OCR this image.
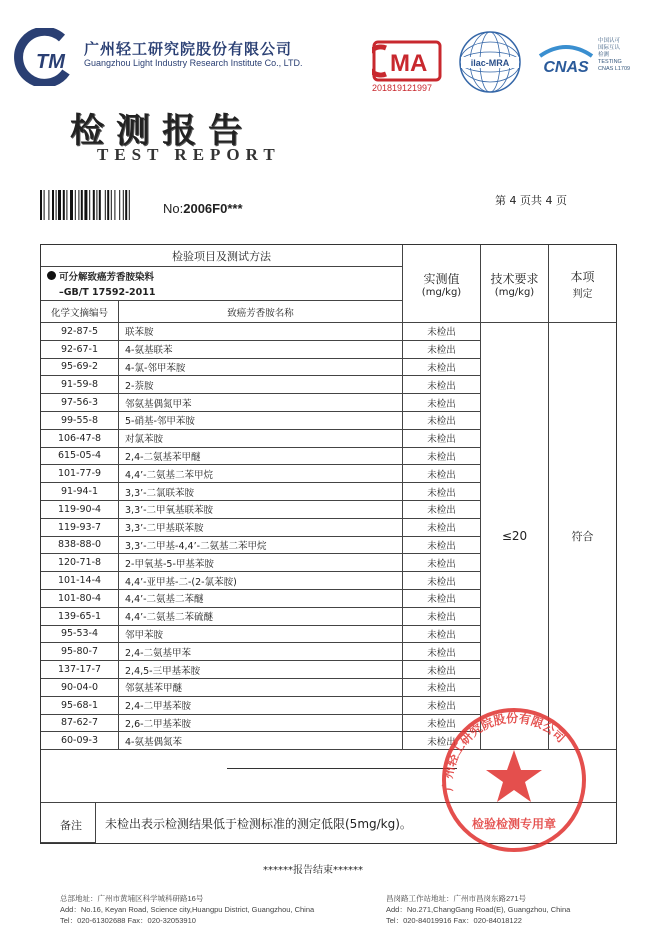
TM
广州轻工研究院股份有限公司
Guangzhou Light Industry Research Institute Co., LTD.	MA
201819121997
ilac-MRA CNAS
中国认可
国际互认
检测
TESTING
CNAS L1709
检测报告
TEST REPORT
No:2006F0***
第 4 页共 4 页
检验项目及测试方法
可分解致癌芳香胺染料
–GB/T 17592-2011
化学文摘编号	致癌芳香胺名称
实测值
(mg/kg)
技术要求
(mg/kg)
本项
判定
92-87-5	联苯胺	未检出
92-67-1	4-氨基联苯	未检出
95-69-2	4-氯-邻甲苯胺	未检出
91-59-8	2-萘胺	未检出
97-56-3	邻氨基偶氮甲苯	未检出
99-55-8	5-硝基-邻甲苯胺	未检出
106-47-8	对氯苯胺	未检出
615-05-4	2,4-二氨基苯甲醚	未检出
101-77-9	4,4’-二氨基二苯甲烷	未检出
91-94-1	3,3’-二氯联苯胺	未检出
119-90-4	3,3’-二甲氧基联苯胺	未检出
119-93-7	3,3’-二甲基联苯胺	未检出
838-88-0	3,3’-二甲基-4,4’-二氨基二苯甲烷	未检出
120-71-8	2-甲氧基-5-甲基苯胺	未检出
101-14-4	4,4’-亚甲基-二-(2-氯苯胺)	未检出
101-80-4	4,4’-二氨基二苯醚	未检出
139-65-1	4,4’-二氨基二苯硫醚	未检出
95-53-4	邻甲苯胺	未检出
95-80-7	2,4-二氨基甲苯	未检出
137-17-7	2,4,5-三甲基苯胺	未检出
90-04-0	邻氨基苯甲醚	未检出
95-68-1	2,4-二甲基苯胺	未检出
87-62-7	2,6-二甲基苯胺	未检出
60-09-3	4-氨基偶氮苯	未检出
≤20	符合
备注 未检出表示检测结果低于检测标准的测定低限(5mg/kg)。
广州轻工研究院股份有限公司
检验检测专用章
******报告结束******
总部地址：广州市黄埔区科学城科研路16号
Add：No.16, Keyan Road, Science city,Huangpu District, Guangzhou, China
Tel：020-61302688 Fax：020-32053910
昌岗路工作站地址：广州市昌岗东路271号
Add：No.271,ChangGang Road(E), Guangzhou, China
Tel：020-84019916 Fax：020-84018122
